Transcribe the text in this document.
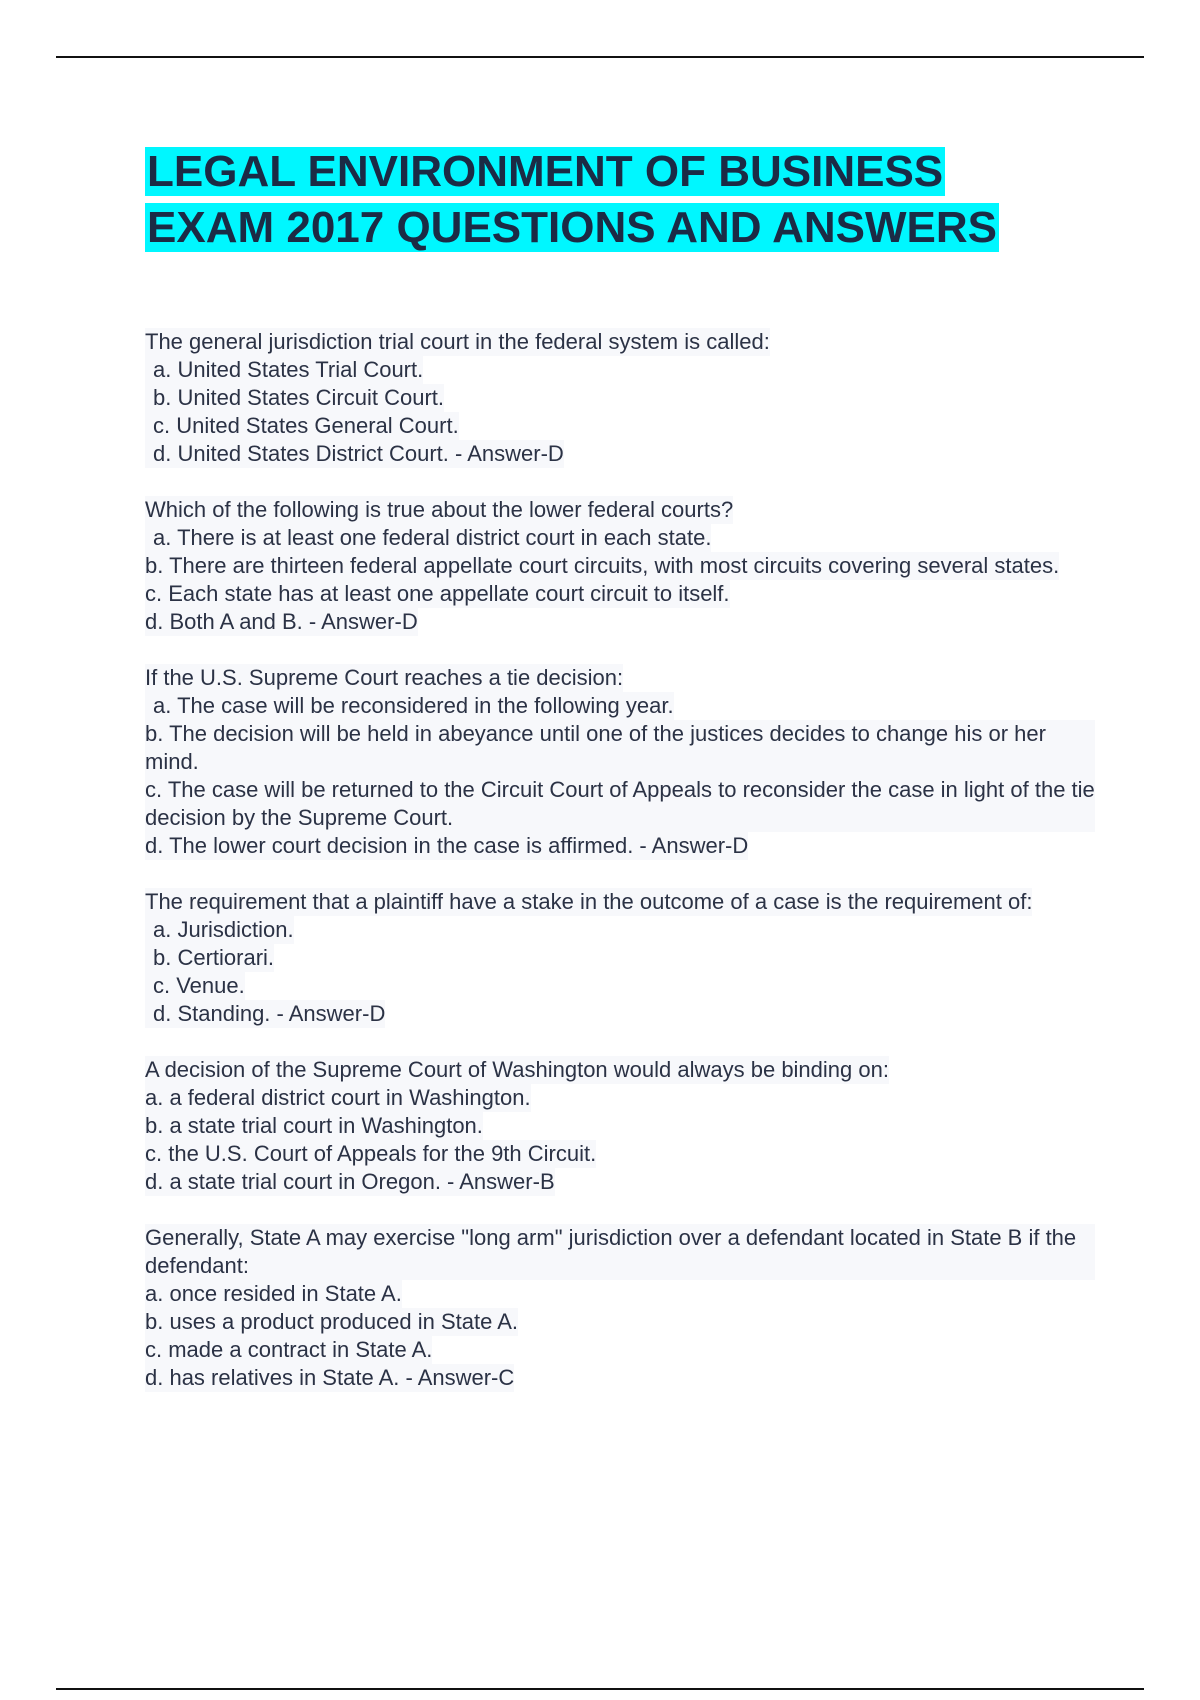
LEGAL ENVIRONMENT OF BUSINESS
EXAM 2017 QUESTIONS AND ANSWERS
The general jurisdiction trial court in the federal system is called:
a. United States Trial Court.
b. United States Circuit Court.
c. United States General Court.
d. United States District Court. - Answer-D
Which of the following is true about the lower federal courts?
a. There is at least one federal district court in each state.
b. There are thirteen federal appellate court circuits, with most circuits covering several states.
c. Each state has at least one appellate court circuit to itself.
d. Both A and B. - Answer-D
If the U.S. Supreme Court reaches a tie decision:
a. The case will be reconsidered in the following year.
b. The decision will be held in abeyance until one of the justices decides to change his or her mind.
c. The case will be returned to the Circuit Court of Appeals to reconsider the case in light of the tie decision by the Supreme Court.
d. The lower court decision in the case is affirmed. - Answer-D
The requirement that a plaintiff have a stake in the outcome of a case is the requirement of:
a. Jurisdiction.
b. Certiorari.
c. Venue.
d. Standing. - Answer-D
A decision of the Supreme Court of Washington would always be binding on:
a. a federal district court in Washington.
b. a state trial court in Washington.
c. the U.S. Court of Appeals for the 9th Circuit.
d. a state trial court in Oregon. - Answer-B
Generally, State A may exercise "long arm" jurisdiction over a defendant located in State B if the defendant:
a. once resided in State A.
b. uses a product produced in State A.
c. made a contract in State A.
d. has relatives in State A. - Answer-C
